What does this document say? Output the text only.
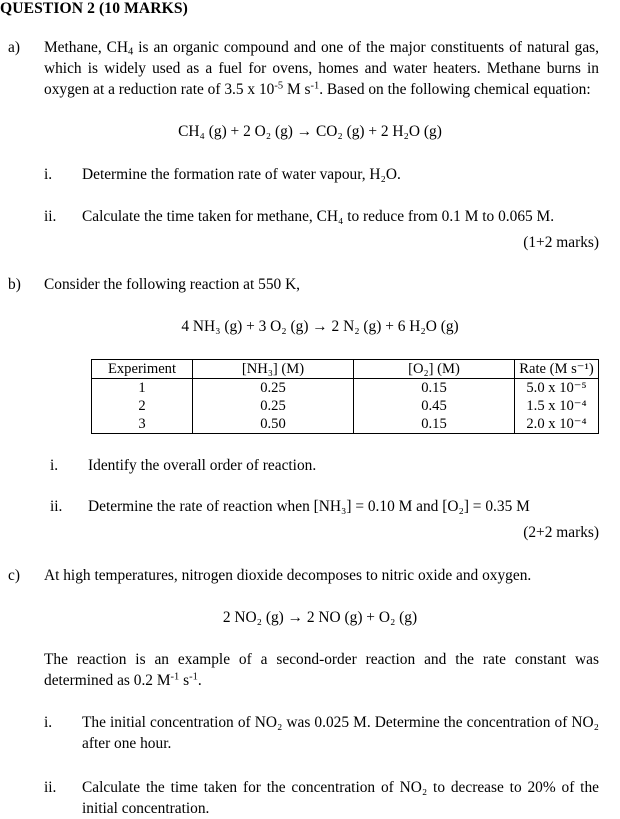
QUESTION 2 (10 MARKS)
a) Methane, $CH_4$ is an organic compound and one of the major constituents of natural gas, which is widely used as a fuel for ovens, homes and water heaters. Methane burns in oxygen at a reduction rate of 3.5 x $10^{-5}$ M $s^{-1}$. Based on the following chemical equation:
CH₄ (g) + 2 O₂ (g) → CO₂ (g) + 2 H₂O (g)
i. Determine the formation rate of water vapour, H₂O.
ii. Calculate the time taken for methane, CH₄ to reduce from 0.1 M to 0.065 M.
(1+2 marks)
b) Consider the following reaction at 550 K,
4 NH₃ (g) + 3 O₂ (g) → 2 N₂ (g) + 6 H₂O (g)
Experiment	[NH₃] (M)	[O₂] (M)	Rate (M s⁻¹)
1	0.25	0.15	5.0 x 10⁻⁵
2	0.25	0.45	1.5 x 10⁻⁴
3	0.50	0.15	2.0 x 10⁻⁴
i. Identify the overall order of reaction.
ii. Determine the rate of reaction when [NH₃] = 0.10 M and [O₂] = 0.35 M
(2+2 marks)
c) At high temperatures, nitrogen dioxide decomposes to nitric oxide and oxygen.
2 NO₂ (g) → 2 NO (g) + O₂ (g)
The reaction is an example of a second-order reaction and the rate constant was determined as 0.2 $M^{-1}$ $s^{-1}$.
i. The initial concentration of NO₂ was 0.025 M. Determine the concentration of NO₂ after one hour.
ii. Calculate the time taken for the concentration of NO₂ to decrease to 20% of the initial concentration.
